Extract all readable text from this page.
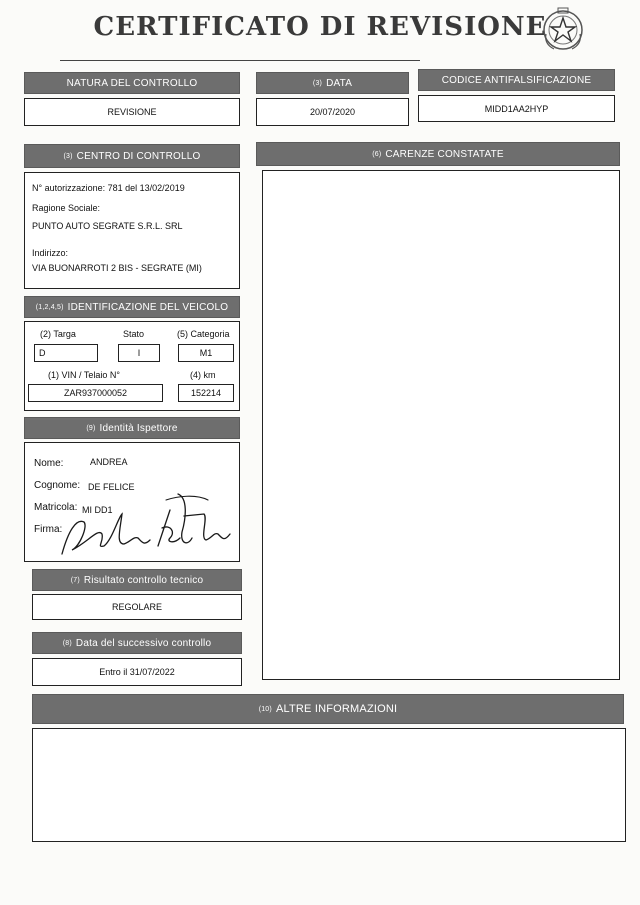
CERTIFICATO DI REVISIONE
NATURA DEL CONTROLLO
REVISIONE
(3) DATA
20/07/2020
CODICE ANTIFALSIFICAZIONE
MIDD1AA2HYP
(3) CENTRO DI CONTROLLO
N° autorizzazione: 781 del 13/02/2019
Ragione Sociale:
PUNTO AUTO SEGRATE S.R.L. SRL
Indirizzo:
VIA BUONARROTI 2 BIS - SEGRATE (MI)
(6) CARENZE CONSTATATE
(1,2,4,5) IDENTIFICAZIONE DEL VEICOLO
(2) Targa	Stato	(5) Categoria
D	I	M1
(1) VIN / Telaio N°	(4) km
ZAR937000052	152214
(9) Identità Ispettore
Nome:	ANDREA
Cognome: DE FELICE
Matricola: MI DD1
Firma:
(7) Risultato controllo tecnico
REGOLARE
(8) Data del successivo controllo
Entro il 31/07/2022
(10) ALTRE INFORMAZIONI
